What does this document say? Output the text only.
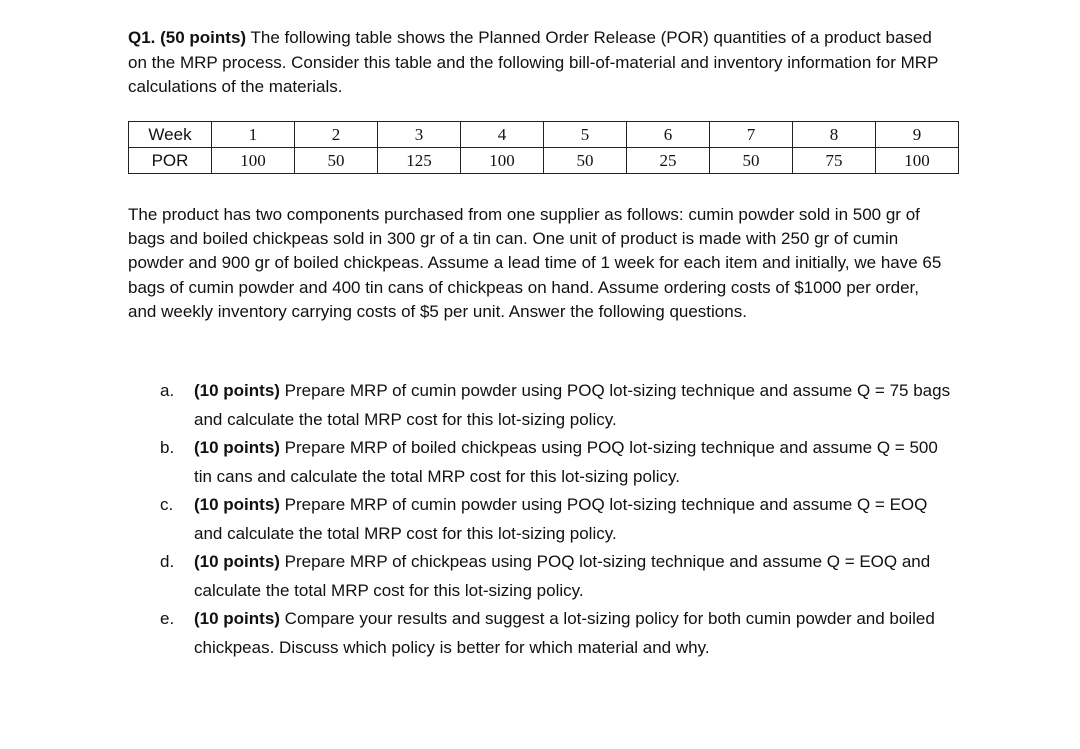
Q1. (50 points) The following table shows the Planned Order Release (POR) quantities of a product based on the MRP process. Consider this table and the following bill-of-material and inventory information for MRP calculations of the materials.

Week	1	2	3	4	5	6	7	8	9
POR	100	50	125	100	50	25	50	75	100

The product has two components purchased from one supplier as follows: cumin powder sold in 500 gr of bags and boiled chickpeas sold in 300 gr of a tin can. One unit of product is made with 250 gr of cumin powder and 900 gr of boiled chickpeas. Assume a lead time of 1 week for each item and initially, we have 65 bags of cumin powder and 400 tin cans of chickpeas on hand. Assume ordering costs of $1000 per order, and weekly inventory carrying costs of $5 per unit. Answer the following questions.

a.	(10 points) Prepare MRP of cumin powder using POQ lot-sizing technique and assume Q = 75 bags and calculate the total MRP cost for this lot-sizing policy.
b.	(10 points) Prepare MRP of boiled chickpeas using POQ lot-sizing technique and assume Q = 500 tin cans and calculate the total MRP cost for this lot-sizing policy.
c.	(10 points) Prepare MRP of cumin powder using POQ lot-sizing technique and assume Q = EOQ and calculate the total MRP cost for this lot-sizing policy.
d.	(10 points) Prepare MRP of chickpeas using POQ lot-sizing technique and assume Q = EOQ and calculate the total MRP cost for this lot-sizing policy.
e.	(10 points) Compare your results and suggest a lot-sizing policy for both cumin powder and boiled chickpeas. Discuss which policy is better for which material and why.
